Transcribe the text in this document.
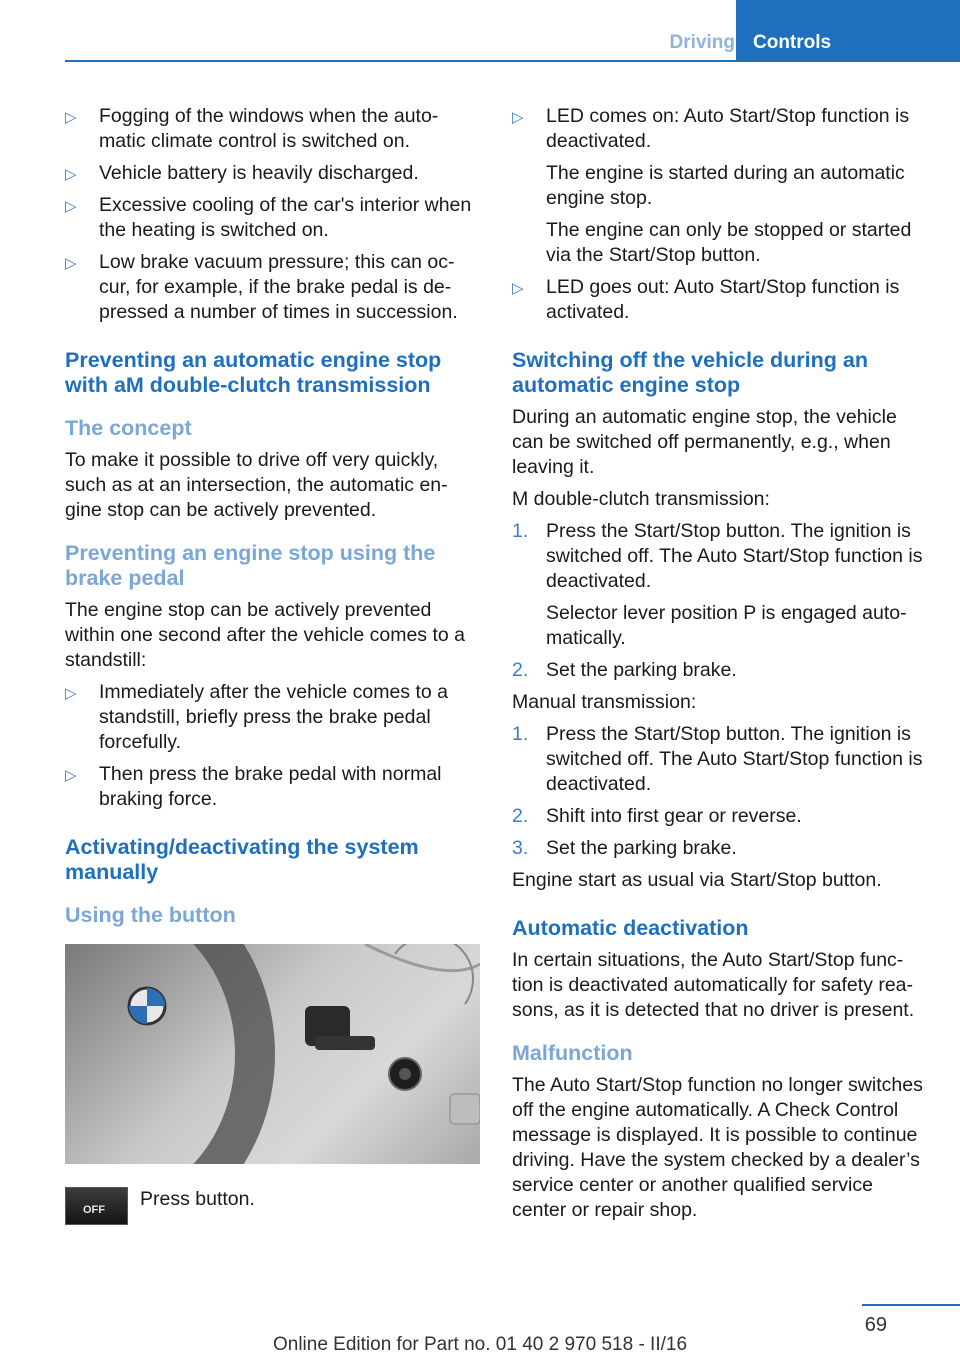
Driving Controls
▷ Fogging of the windows when the auto-matic climate control is switched on.

▷ Vehicle battery is heavily discharged.

▷ Excessive cooling of the car's interior when the heating is switched on.

▷ Low brake vacuum pressure; this can oc-cur, for example, if the brake pedal is de-pressed a number of times in succession.

Preventing an automatic engine stop with aM double-clutch transmission
The concept
To make it possible to drive off very quickly, such as at an intersection, the automatic en-gine stop can be actively prevented.
Preventing an engine stop using the brake pedal
The engine stop can be actively prevented within one second after the vehicle comes to a standstill:
▷ Immediately after the vehicle comes to a standstill, briefly press the brake pedal forcefully.

▷ Then press the brake pedal with normal braking force.

Activating/deactivating the system manually
Using the button
OFF Press button.
▷ LED comes on: Auto Start/Stop function is deactivated.

The engine is started during an automatic engine stop.

The engine can only be stopped or started via the Start/Stop button.

▷ LED goes out: Auto Start/Stop function is activated.

Switching off the vehicle during an automatic engine stop
During an automatic engine stop, the vehicle can be switched off permanently, e.g., when leaving it.
M double-clutch transmission:
1. Press the Start/Stop button. The ignition is switched off. The Auto Start/Stop function is deactivated.

Selector lever position P is engaged auto-matically.

2. Set the parking brake.

Manual transmission:
1. Press the Start/Stop button. The ignition is switched off. The Auto Start/Stop function is deactivated.

2. Shift into first gear or reverse.

3. Set the parking brake.

Engine start as usual via Start/Stop button.
Automatic deactivation
In certain situations, the Auto Start/Stop func-tion is deactivated automatically for safety rea-sons, as it is detected that no driver is present.
Malfunction
The Auto Start/Stop function no longer switches off the engine automatically. A Check Control message is displayed. It is possible to continue driving. Have the system checked by a dealer’s service center or another qualified service center or repair shop.
69
Online Edition for Part no. 01 40 2 970 518 - II/16
